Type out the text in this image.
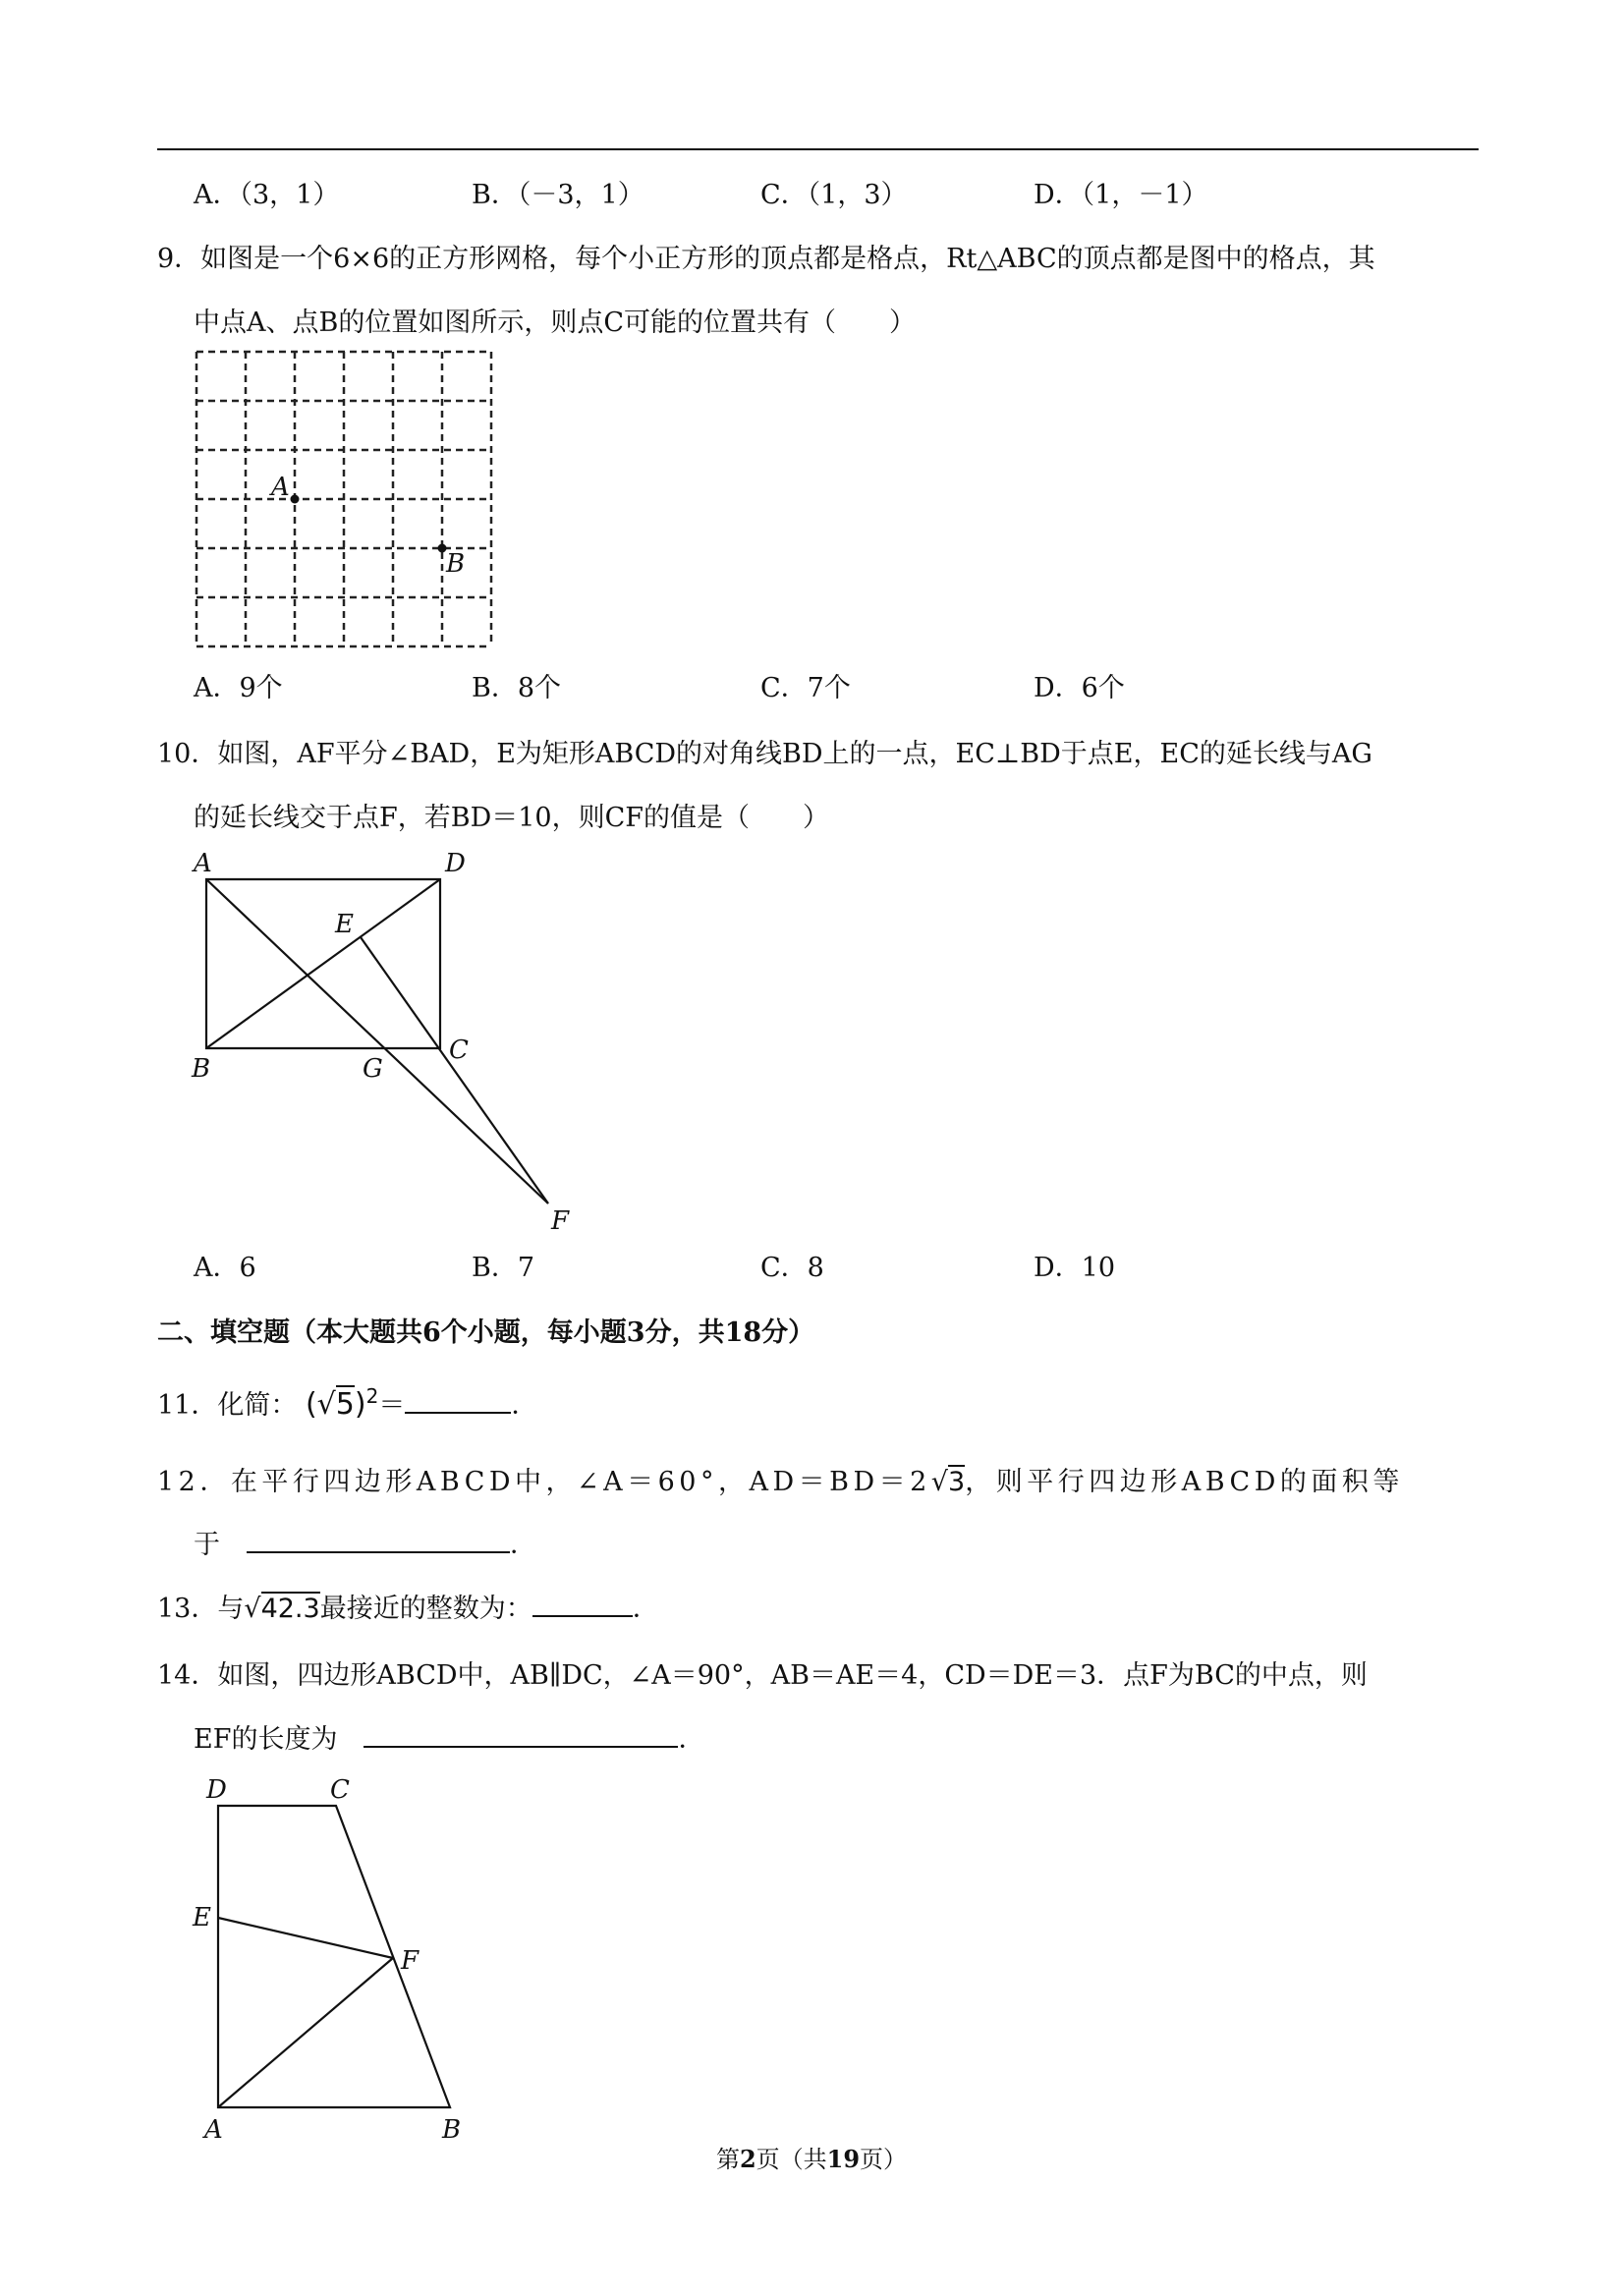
A．（3，1）	B．（－3，1）	C．（1，3）	D．（1，－1）
9．如图是一个6×6的正方形网格，每个小正方形的顶点都是格点，Rt△ABC的顶点都是图中的格点，其
中点A、点B的位置如图所示，则点C可能的位置共有（　　）
A
B
A．9个	B．8个	C．7个	D．6个
10．如图，AF平分∠BAD，E为矩形ABCD的对角线BD上的一点，EC⊥BD于点E，EC的延长线与AG
的延长线交于点F，若BD＝10，则CF的值是（　　）
A	D
E
B	G
C
F
A．6	B．7	C．8	D．10
二、填空题（本大题共6个小题，每小题3分，共18分）
11．化简： $(√5)^2=$	．
12．在平行四边形ABCD中，∠A＝60°，AD＝BD＝2√3，则平行四边形ABCD的面积等
于　	．
13．与√42.3最接近的整数为：	．
14．如图，四边形ABCD中，AB∥DC，∠A＝90°，AB＝AE＝4，CD＝DE＝3．点F为BC的中点，则
EF的长度为　	．
D	C
E
F
A	B
第2页（共19页）
